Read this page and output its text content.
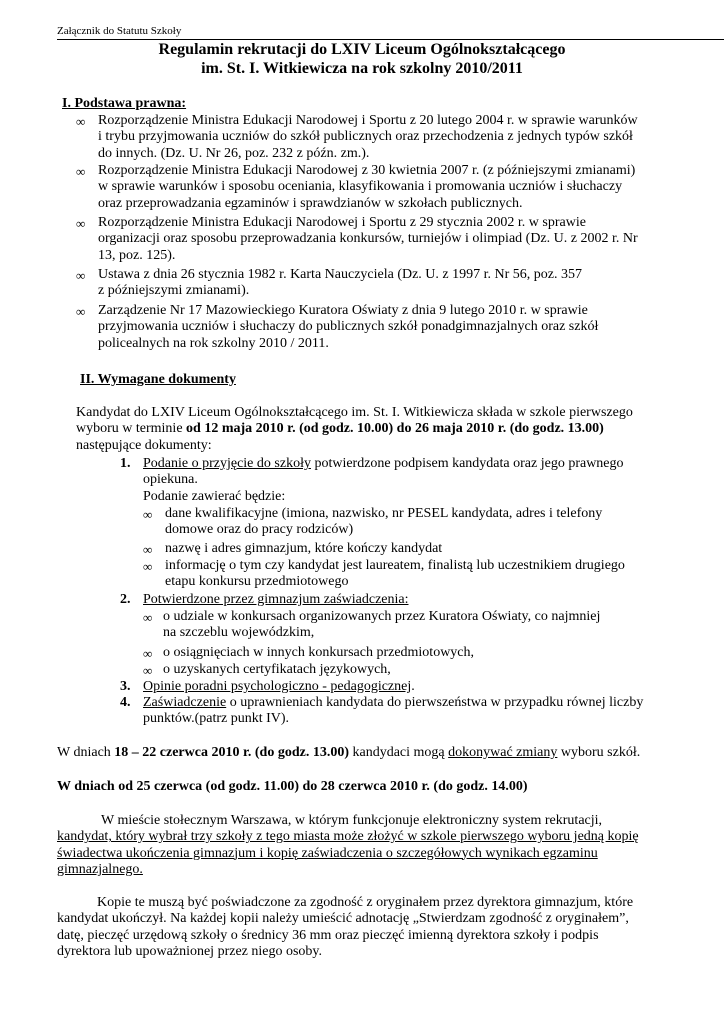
Załącznik do Statutu Szkoły
Regulamin rekrutacji do LXIV Liceum Ogólnokształcącego
im. St. I. Witkiewicza na rok szkolny 2010/2011
I. Podstawa prawna:
∞ Rozporządzenie Ministra Edukacji Narodowej i Sportu z 20 lutego 2004 r. w sprawie warunków

i trybu przyjmowania uczniów do szkół publicznych oraz przechodzenia z jednych typów szkół

do innych. (Dz. U. Nr 26, poz. 232 z późn. zm.).

∞ Rozporządzenie Ministra Edukacji Narodowej z 30 kwietnia 2007 r. (z późniejszymi zmianami)

w sprawie warunków i sposobu oceniania, klasyfikowania i promowania uczniów i słuchaczy

oraz przeprowadzania egzaminów i sprawdzianów w szkołach publicznych.

∞ Rozporządzenie Ministra Edukacji Narodowej i Sportu z 29 stycznia 2002 r. w sprawie

organizacji oraz sposobu przeprowadzania konkursów, turniejów i olimpiad (Dz. U. z 2002 r. Nr

13, poz. 125).

∞ Ustawa z dnia 26 stycznia 1982 r. Karta Nauczyciela (Dz. U. z 1997 r. Nr 56, poz. 357

z późniejszymi zmianami).

∞ Zarządzenie Nr 17 Mazowieckiego Kuratora Oświaty z dnia 9 lutego 2010 r. w sprawie

przyjmowania uczniów i słuchaczy do publicznych szkół ponadgimnazjalnych oraz szkół

policealnych na rok szkolny 2010 / 2011.

II. Wymagane dokumenty

Kandydat do LXIV Liceum Ogólnokształcącego im. St. I. Witkiewicza składa w szkole pierwszego

wyboru w terminie od 12 maja 2010 r. (od godz. 10.00) do 26 maja 2010 r. (do godz. 13.00)

następujące dokumenty:

1. Podanie o przyjęcie do szkoły potwierdzone podpisem kandydata oraz jego prawnego

opiekuna.

Podanie zawierać będzie:

∞ dane kwalifikacyjne (imiona, nazwisko, nr PESEL kandydata, adres i telefony

domowe oraz do pracy rodziców)

∞ nazwę i adres gimnazjum, które kończy kandydat

∞ informację o tym czy kandydat jest laureatem, finalistą lub uczestnikiem drugiego

etapu konkursu przedmiotowego

2. Potwierdzone przez gimnazjum zaświadczenia:

∞ o udziale w konkursach organizowanych przez Kuratora Oświaty, co najmniej

na szczeblu wojewódzkim,

∞ o osiągnięciach w innych konkursach przedmiotowych,

∞ o uzyskanych certyfikatach językowych,

3. Opinie poradni psychologiczno - pedagogicznej.

4. Zaświadczenie o uprawnieniach kandydata do pierwszeństwa w przypadku równej liczby

punktów.(patrz punkt IV).

W dniach 18 – 22 czerwca 2010 r. (do godz. 13.00) kandydaci mogą dokonywać zmiany wyboru szkół.

W dniach od 25 czerwca (od godz. 11.00) do 28 czerwca 2010 r. (do godz. 14.00)

W mieście stołecznym Warszawa, w którym funkcjonuje elektroniczny system rekrutacji,

kandydat, który wybrał trzy szkoły z tego miasta może złożyć w szkole pierwszego wyboru jedną kopię

świadectwa ukończenia gimnazjum i kopię zaświadczenia o szczegółowych wynikach egzaminu

gimnazjalnego.

Kopie te muszą być poświadczone za zgodność z oryginałem przez dyrektora gimnazjum, które

kandydat ukończył. Na każdej kopii należy umieścić adnotację „Stwierdzam zgodność z oryginałem”,

datę, pieczęć urzędową szkoły o średnicy 36 mm oraz pieczęć imienną dyrektora szkoły i podpis

dyrektora lub upoważnionej przez niego osoby.
